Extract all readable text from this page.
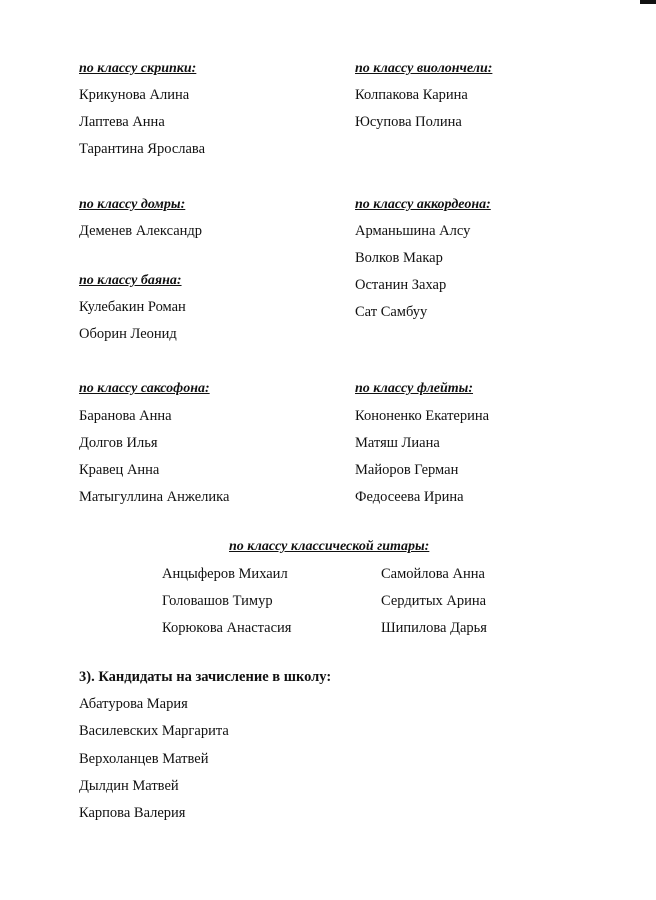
по классу скрипки:
Крикунова Алина
Лаптева Анна
Тарантина Ярослава
по классу виолончели:
Колпакова Карина
Юсупова Полина
по классу домры:
Деменев Александр
по классу аккордеона:
Арманьшина Алсу
Волков Макар
Останин Захар
Сат Самбуу
по классу баяна:
Кулебакин Роман
Оборин Леонид
по классу саксофона:
Баранова Анна
Долгов Илья
Кравец Анна
Матыгуллина Анжелика
по классу флейты:
Кононенко Екатерина
Матяш Лиана
Майоров Герман
Федосеева Ирина
по классу классической гитары:
Анцыферов Михаил
Головашов Тимур
Корюкова Анастасия
Самойлова Анна
Сердитых Арина
Шипилова Дарья
3). Кандидаты на зачисление в школу:
Абатурова Мария
Василевских Маргарита
Верхоланцев Матвей
Дылдин Матвей
Карпова Валерия
